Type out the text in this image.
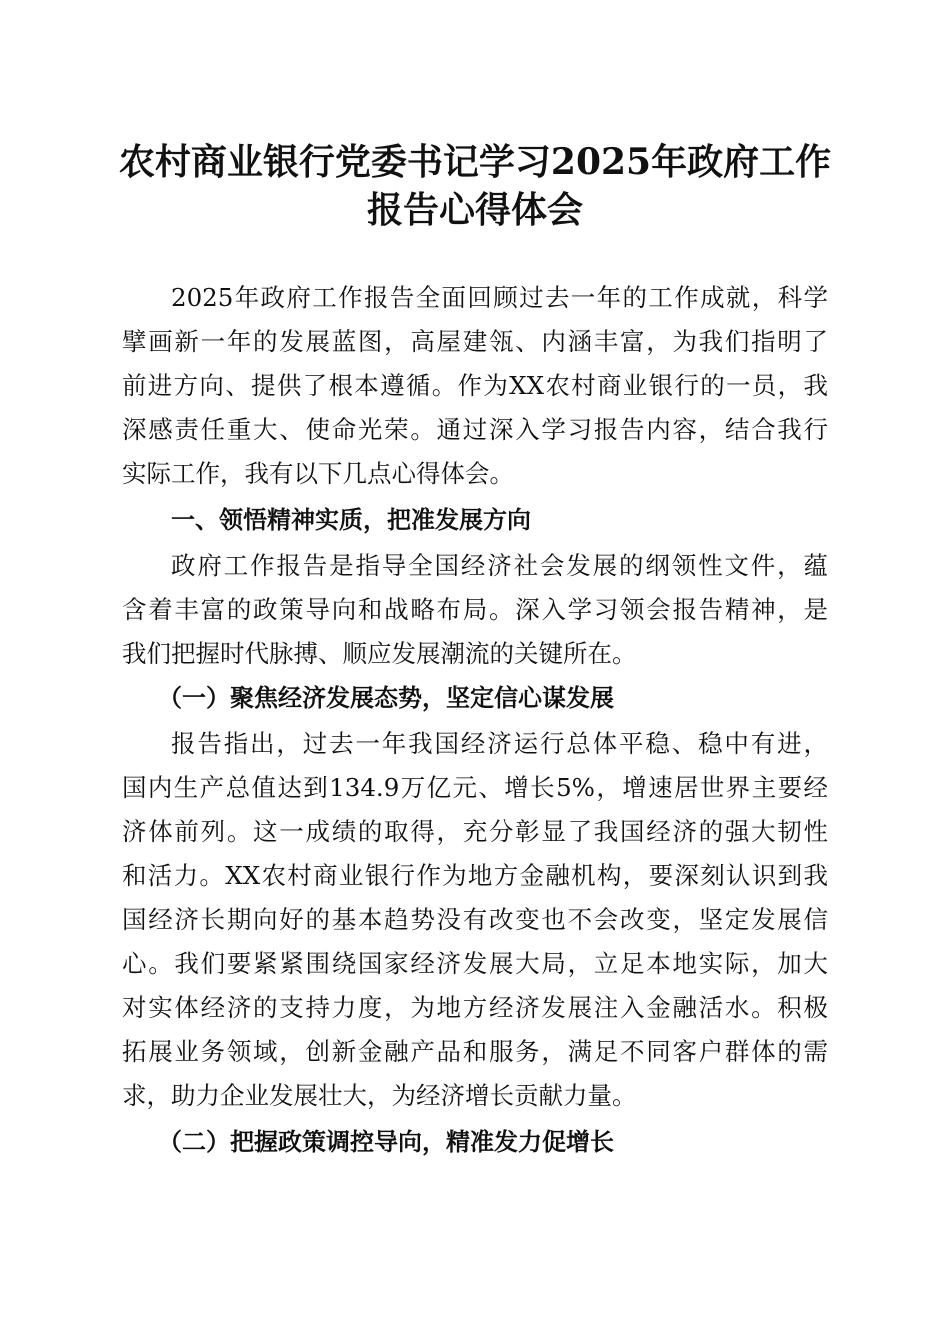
农村商业银行党委书记学习2025年政府工作
报告心得体会
2025年政府工作报告全面回顾过去一年的工作成就，科学
擘画新一年的发展蓝图，高屋建瓴、内涵丰富，为我们指明了
前进方向、提供了根本遵循。作为XX农村商业银行的一员，我
深感责任重大、使命光荣。通过深入学习报告内容，结合我行
实际工作，我有以下几点心得体会。
一、领悟精神实质，把准发展方向
政府工作报告是指导全国经济社会发展的纲领性文件，蕴
含着丰富的政策导向和战略布局。深入学习领会报告精神，是
我们把握时代脉搏、顺应发展潮流的关键所在。
（一）聚焦经济发展态势，坚定信心谋发展
报告指出，过去一年我国经济运行总体平稳、稳中有进，
国内生产总值达到134.9万亿元、增长5%，增速居世界主要经
济体前列。这一成绩的取得，充分彰显了我国经济的强大韧性
和活力。XX农村商业银行作为地方金融机构，要深刻认识到我
国经济长期向好的基本趋势没有改变也不会改变，坚定发展信
心。我们要紧紧围绕国家经济发展大局，立足本地实际，加大
对实体经济的支持力度，为地方经济发展注入金融活水。积极
拓展业务领域，创新金融产品和服务，满足不同客户群体的需
求，助力企业发展壮大，为经济增长贡献力量。
（二）把握政策调控导向，精准发力促增长
